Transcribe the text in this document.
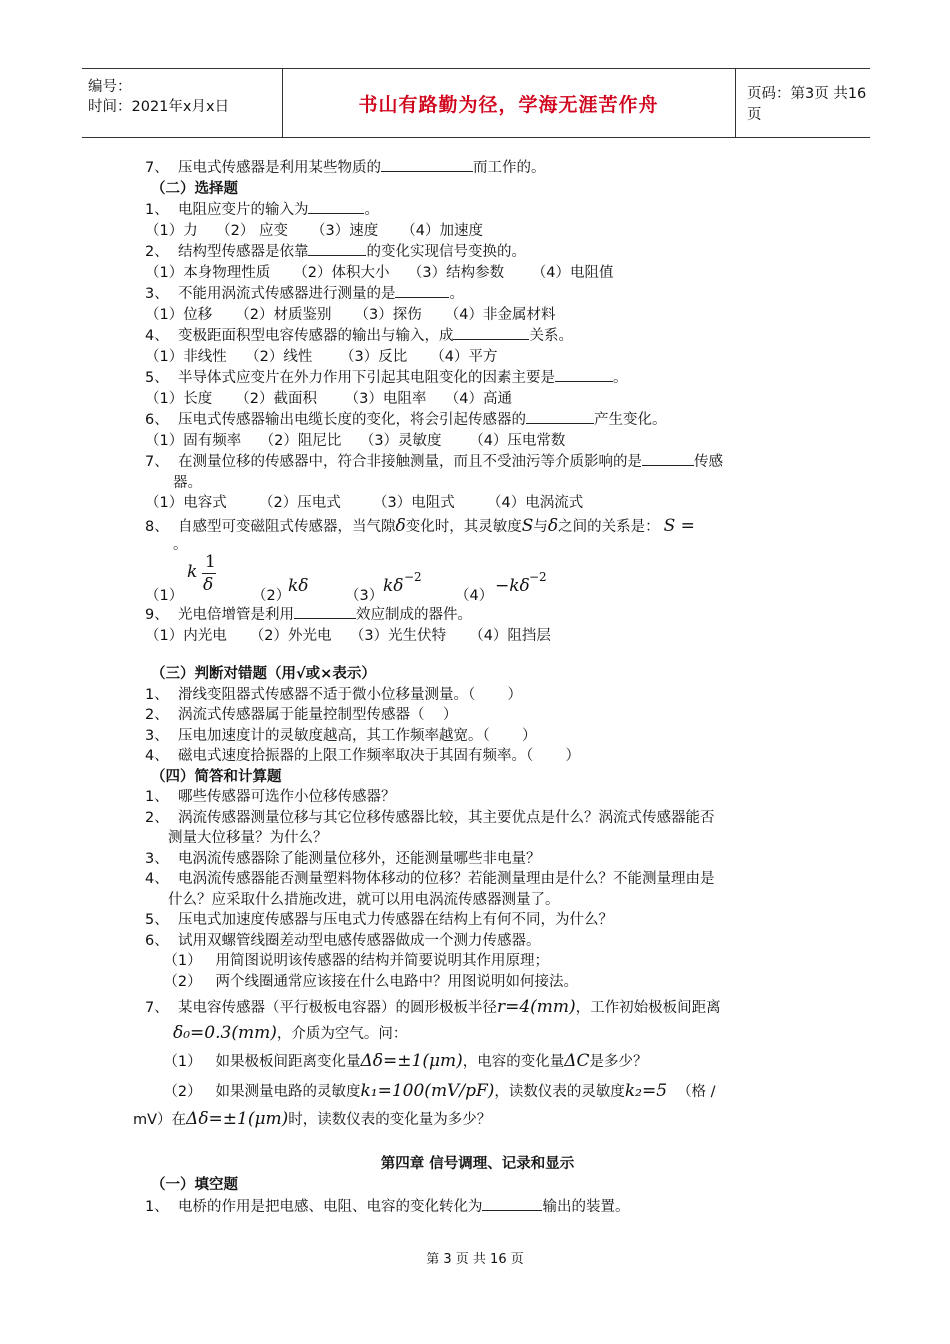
编号：
时间：2021年x月x日	书山有路勤为径，学海无涯苦作舟	页码：第3页 共16页
7、  压电式传感器是利用某些物质的	而工作的。
（二）选择题
1、  电阻应变片的输入为	。
（1）力    （2） 应变     （3）速度     （4）加速度
2、  结构型传感器是依靠	的变化实现信号变换的。
（1）本身物理性质     （2）体积大小    （3）结构参数      （4）电阻值
3、  不能用涡流式传感器进行测量的是	。
（1）位移     （2）材质鉴别     （3）探伤     （4）非金属材料
4、  变极距面积型电容传感器的输出与输入，成	关系。
（1）非线性    （2）线性      （3）反比     （4）平方
5、  半导体式应变片在外力作用下引起其电阻变化的因素主要是	。
（1）长度     （2）截面积      （3）电阻率    （4）高通
6、  压电式传感器输出电缆长度的变化，将会引起传感器的	产生变化。
（1）固有频率    （2）阻尼比    （3）灵敏度      （4）压电常数
7、  在测量位移的传感器中，符合非接触测量，而且不受油污等介质影响的是	传感
器。
（1）电容式       （2）压电式       （3）电阻式       （4）电涡流式
8、  自感型可变磁阻式传感器，当气隙δ变化时，其灵敏度S与δ之间的关系是： S =
。
（1）
k 1
δ
（2）
kδ	（3） kδ −2
（4） −kδ −2
9、  光电倍增管是利用	效应制成的器件。
（1）内光电     （2）外光电    （3）光生伏特     （4）阻挡层
（三）判断对错题（用√或×表示）
1、  滑线变阻器式传感器不适于微小位移量测量。（       ）
2、  涡流式传感器属于能量控制型传感器（    ）
3、  压电加速度计的灵敏度越高，其工作频率越宽。（       ）
4、  磁电式速度拾振器的上限工作频率取决于其固有频率。（       ）
（四）简答和计算题
1、  哪些传感器可选作小位移传感器？
2、  涡流传感器测量位移与其它位移传感器比较，其主要优点是什么？涡流式传感器能否
测量大位移量？为什么？
3、  电涡流传感器除了能测量位移外，还能测量哪些非电量？
4、  电涡流传感器能否测量塑料物体移动的位移？若能测量理由是什么？不能测量理由是
什么？应采取什么措施改进，就可以用电涡流传感器测量了。
5、  压电式加速度传感器与压电式力传感器在结构上有何不同，为什么？
6、  试用双螺管线圈差动型电感传感器做成一个测力传感器。
（1）   用简图说明该传感器的结构并简要说明其作用原理；
（2）   两个线圈通常应该接在什么电路中？用图说明如何接法。
7、  某电容传感器（平行极板电容器）的圆形极板半径r=4(mm)，工作初始极板间距离
δ₀=0.3(mm)，介质为空气。问：
（1）   如果极板间距离变化量Δδ=±1(μm)，电容的变化量ΔC是多少？
（2）   如果测量电路的灵敏度k₁=100(mV/pF)，读数仪表的灵敏度k₂=5 （格 /
mV）在Δδ=±1(μm)时，读数仪表的变化量为多少？
第四章 信号调理、记录和显示
（一）填空题
1、  电桥的作用是把电感、电阻、电容的变化转化为	输出的装置。
第 3 页 共 16 页
